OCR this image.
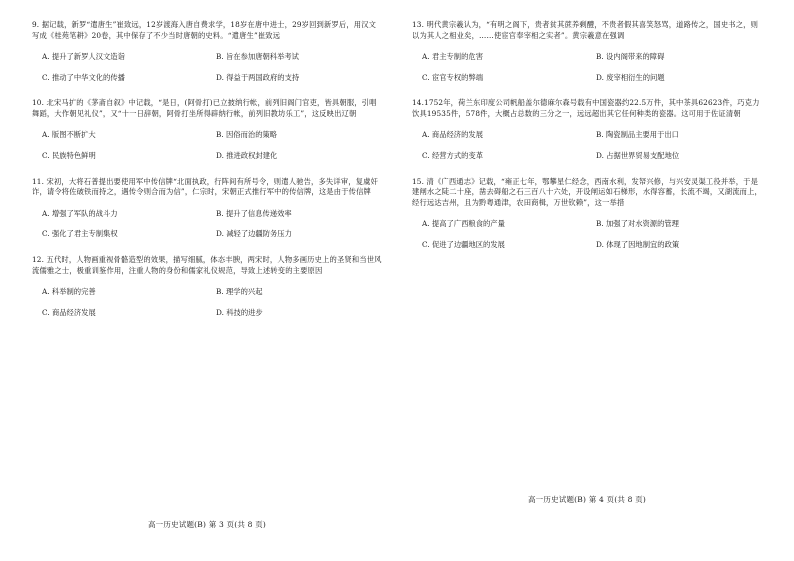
9. 据记载，新罗“遣唐生”崔致远，12岁渡海入唐自费求学，18岁在唐中进士，29岁回到新罗后，用汉文写成《桂苑笔耕》20卷，其中保存了不少当时唐朝的史料。“遣唐生”崔致远

A. 提升了新罗人汉文造诣	B. 旨在参加唐朝科举考试
C. 推动了中华文化的传播	D. 得益于两国政府的支持

10. 北宋马扩的《茅斋自叙》中记载，“是日，(阿骨打)已立披纳行帐，前列旧阁门官吏，皆具朝服，引唱舞蹈，大作朝见礼仪”，又“十一日辞朝，阿骨打坐所得辟纳行帐，前列旧教坊乐工”，这反映出辽朝

A. 版图不断扩大	B. 因俗而治的策略
C. 民族特色鲜明	D. 推进政权封建化

11. 宋初，大将石普提出要使用军中传信牌“北面执政，行阵间有所号令，则遣人驰告，多失详审，复虞奸诈，请令将佐破铁而持之，遇传令则合而为信”，仁宗时，宋朝正式推行军中的传信牌，这是由于传信牌

A. 增强了军队的战斗力	B. 提升了信息传递效率
C. 强化了君主专制集权	D. 减轻了边疆防务压力

12. 五代时，人物画重视骨骼造型的效果，描写细腻，体态丰腴，两宋时，人物多画历史上的圣贤和当世风流儒雅之士，极重训鉴作用，注重人物的身份和儒家礼仪规范，导致上述转变的主要原因

A. 科举制的完善	B. 理学的兴起
C. 商品经济发展	D. 科技的进步
高一历史试题(B) 第 3 页(共 8 页)

13. 明代黄宗羲认为，“有明之阁下，贵者贫其蔗养剩醴，不贵者假其喜笑怒骂，道路传之，国史书之，则以为其人之相业矣，……使宦官奉宰相之实者”。黄宗羲意在强调

A. 君主专制的危害	B. 设内阁带来的障碍
C. 宦官专权的弊端	D. 废宰相衍生的问题

14.1752年，荷兰东印度公司帆船盖尔德麻尔森号载有中国瓷器约22.5万件，其中茶具62623件，巧克力饮具19535件，578件，大概占总数的三分之一，远远超出其它任何种类的瓷器。这可用于佐证清朝

A. 商品经济的发展	B. 陶瓷制品主要用于出口
C. 经营方式的变革	D. 占据世界贸易支配地位

15. 清《广西通志》记载，“雍正七年，鄂攀星仁经念，西南水利，发帑兴修，与兴安灵渠工役并举，于是建闸水之陡二十座，凿去碍船之石三百八十六处，开设闸运如石梯形，水得容蓄，长流不竭，又湖流而上，经行远达吉州，且为黔粤通津，农田商楫，万世钦赖”，这一举措

A. 提高了广西粮食的产量	B. 加强了对水资源的管理
C. 促进了边疆地区的发展	D. 体现了因地制宜的政策
高一历史试题(B) 第 4 页(共 8 页)
